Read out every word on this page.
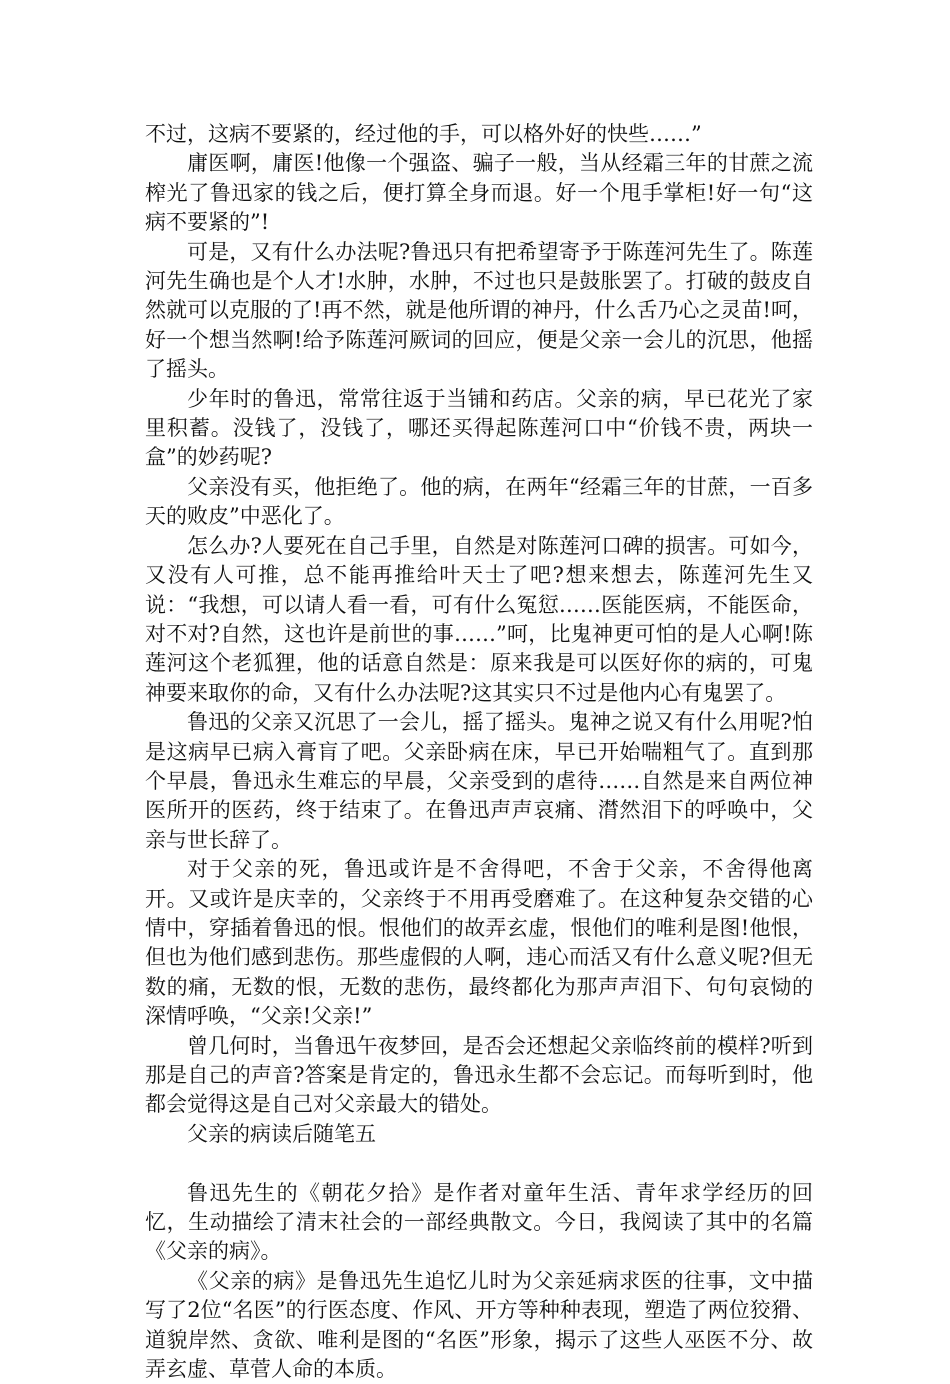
不过，这病不要紧的，经过他的手，可以格外好的快些……”

庸医啊，庸医!他像一个强盗、骗子一般，当从经霜三年的甘蔗之流榨光了鲁迅家的钱之后，便打算全身而退。好一个甩手掌柜!好一句“这病不要紧的”!

可是，又有什么办法呢?鲁迅只有把希望寄予于陈莲河先生了。陈莲河先生确也是个人才!水肿，水肿，不过也只是鼓胀罢了。打破的鼓皮自然就可以克服的了!再不然，就是他所谓的神丹，什么舌乃心之灵苗!呵，好一个想当然啊!给予陈莲河厥词的回应，便是父亲一会儿的沉思，他摇了摇头。

少年时的鲁迅，常常往返于当铺和药店。父亲的病，早已花光了家里积蓄。没钱了，没钱了，哪还买得起陈莲河口中“价钱不贵，两块一盒”的妙药呢?

父亲没有买，他拒绝了。他的病，在两年“经霜三年的甘蔗，一百多天的败皮”中恶化了。

怎么办?人要死在自己手里，自然是对陈莲河口碑的损害。可如今，又没有人可推，总不能再推给叶天士了吧?想来想去，陈莲河先生又说：“我想，可以请人看一看，可有什么冤愆……医能医病，不能医命，对不对?自然，这也许是前世的事……”呵，比鬼神更可怕的是人心啊!陈莲河这个老狐狸，他的话意自然是：原来我是可以医好你的病的，可鬼神要来取你的命，又有什么办法呢?这其实只不过是他内心有鬼罢了。

鲁迅的父亲又沉思了一会儿，摇了摇头。鬼神之说又有什么用呢?怕是这病早已病入膏肓了吧。父亲卧病在床，早已开始喘粗气了。直到那个早晨，鲁迅永生难忘的早晨，父亲受到的虐待……自然是来自两位神医所开的医药，终于结束了。在鲁迅声声哀痛、潸然泪下的呼唤中，父亲与世长辞了。

对于父亲的死，鲁迅或许是不舍得吧，不舍于父亲，不舍得他离开。又或许是庆幸的，父亲终于不用再受磨难了。在这种复杂交错的心情中，穿插着鲁迅的恨。恨他们的故弄玄虚，恨他们的唯利是图!他恨，但也为他们感到悲伤。那些虚假的人啊，违心而活又有什么意义呢?但无数的痛，无数的恨，无数的悲伤，最终都化为那声声泪下、句句哀恸的深情呼唤，“父亲!父亲!”

曾几何时，当鲁迅午夜梦回，是否会还想起父亲临终前的模样?听到那是自己的声音?答案是肯定的，鲁迅永生都不会忘记。而每听到时，他都会觉得这是自己对父亲最大的错处。

父亲的病读后随笔五

鲁迅先生的《朝花夕拾》是作者对童年生活、青年求学经历的回忆，生动描绘了清末社会的一部经典散文。今日，我阅读了其中的名篇《父亲的病》。

《父亲的病》是鲁迅先生追忆儿时为父亲延病求医的往事，文中描写了2位“名医”的行医态度、作风、开方等种种表现，塑造了两位狡猾、道貌岸然、贪欲、唯利是图的“名医”形象，揭示了这些人巫医不分、故弄玄虚、草菅人命的本质。
